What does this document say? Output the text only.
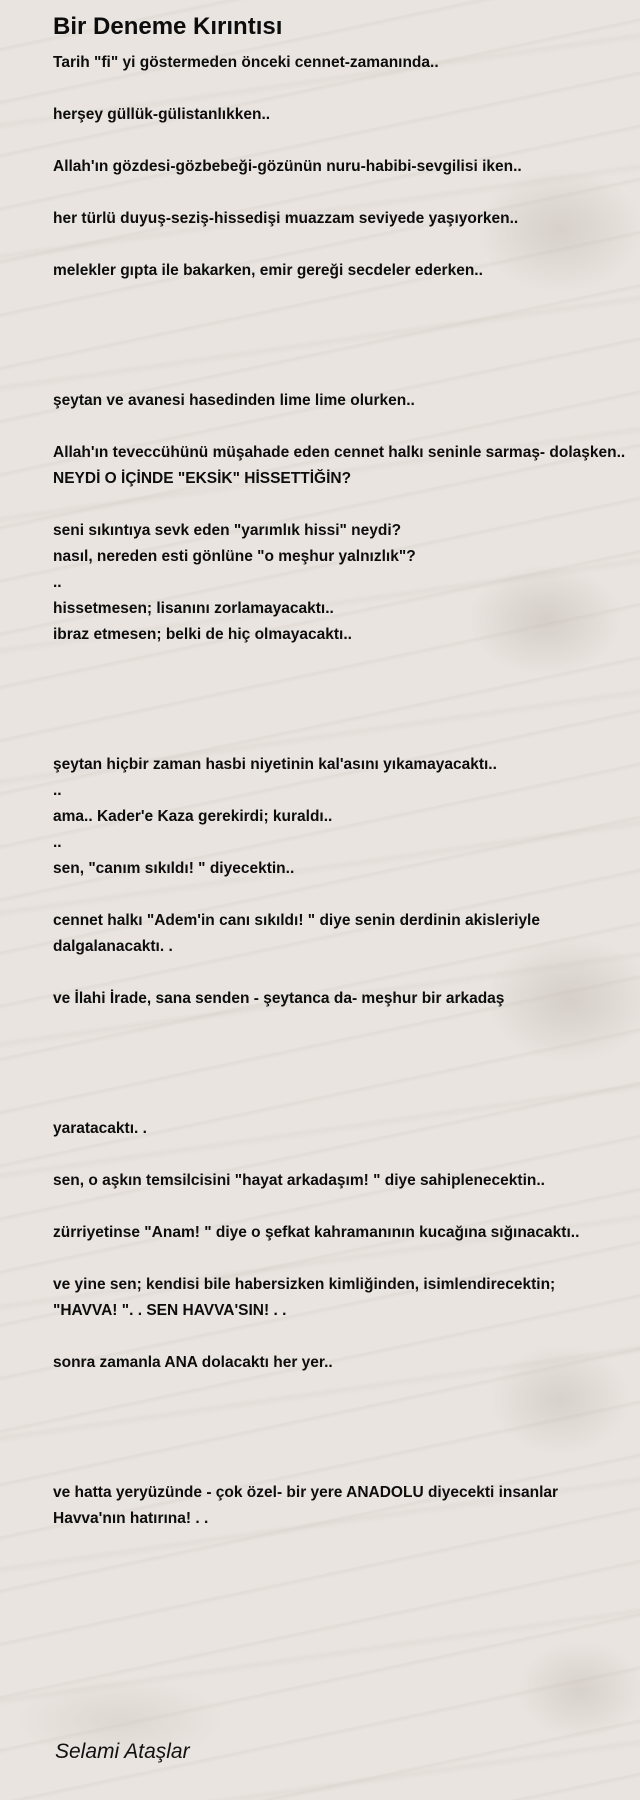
Bir Deneme Kırıntısı
Tarih "fi" yi göstermeden önceki cennet-zamanında..
herşey güllük-gülistanlıkken..
Allah'ın gözdesi-gözbebeği-gözünün nuru-habibi-sevgilisi iken..
her türlü duyuş-seziş-hissedişi muazzam seviyede yaşıyorken..
melekler gıpta ile bakarken, emir gereği secdeler ederken..
şeytan ve avanesi hasedinden lime lime olurken..
Allah'ın teveccühünü müşahade eden cennet halkı seninle sarmaş- dolaşken..
NEYDİ O İÇİNDE "EKSİK" HİSSETTİĞİN?
seni sıkıntıya sevk eden "yarımlık hissi" neydi?
nasıl, nereden esti gönlüne "o meşhur yalnızlık"?
..
hissetmesen; lisanını zorlamayacaktı..
ibraz etmesen; belki de hiç olmayacaktı..
şeytan hiçbir zaman hasbi niyetinin kal'asını yıkamayacaktı..
..
ama.. Kader'e Kaza gerekirdi; kuraldı..
..
sen, "canım sıkıldı! " diyecektin..
cennet halkı "Adem'in canı sıkıldı! " diye senin derdinin akisleriyle
dalgalanacaktı. .
ve İlahi İrade, sana senden - şeytanca da- meşhur bir arkadaş
yaratacaktı. .
sen, o aşkın temsilcisini "hayat arkadaşım! " diye sahiplenecektin..
zürriyetinse "Anam! " diye o şefkat kahramanının kucağına sığınacaktı..
ve yine sen; kendisi bile habersizken kimliğinden, isimlendirecektin;
"HAVVA! ". . SEN HAVVA'SIN! . .
sonra zamanla ANA dolacaktı her yer..
ve hatta yeryüzünde - çok özel- bir yere ANADOLU diyecekti insanlar
Havva'nın hatırına! . .
Selami Ataşlar
